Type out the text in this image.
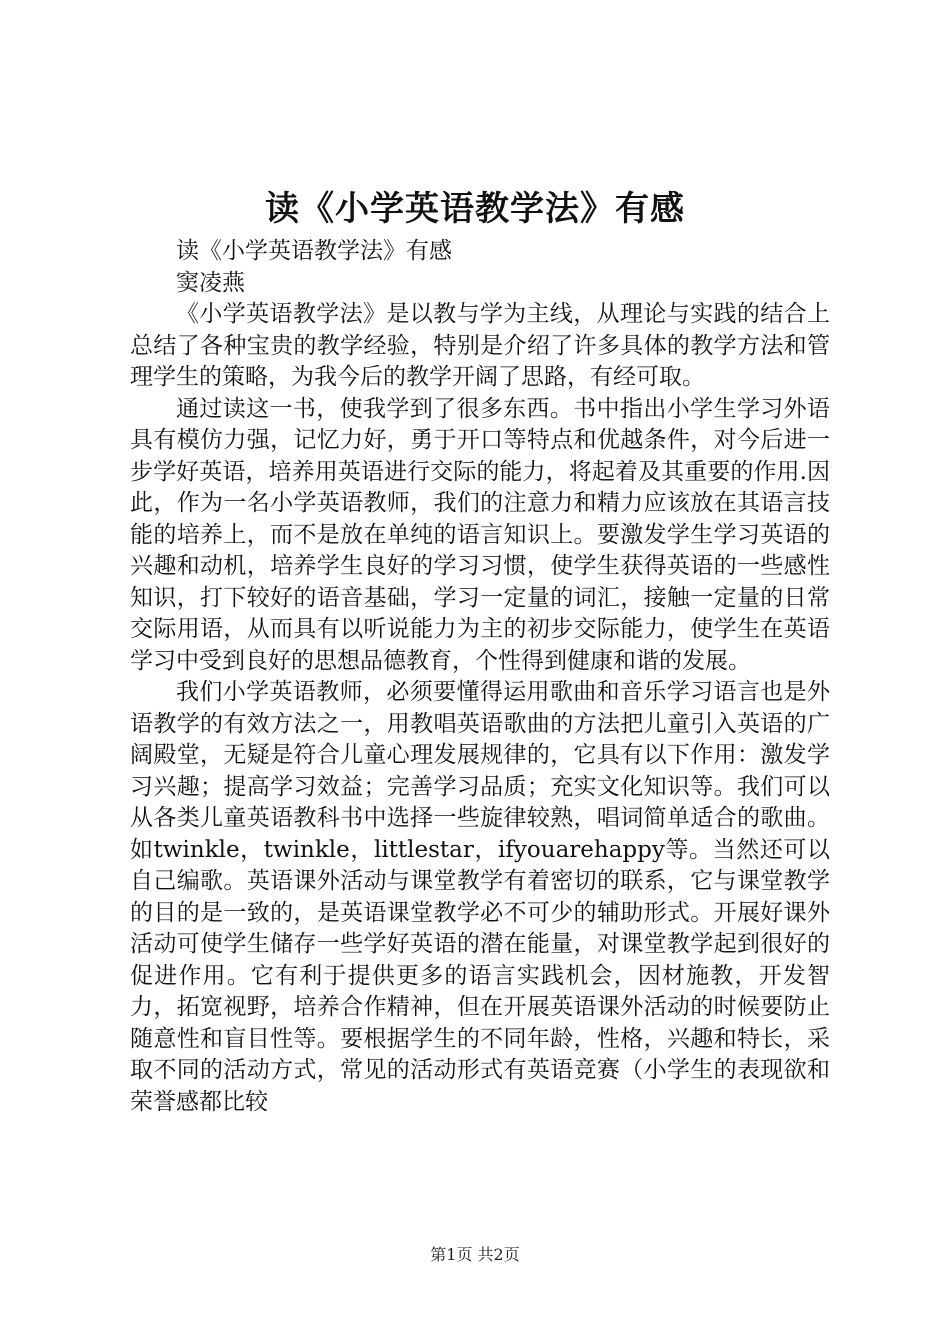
读《小学英语教学法》有感

读《小学英语教学法》有感

窦凌燕

《小学英语教学法》是以教与学为主线，从理论与实践的结合上总结了各种宝贵的教学经验，特别是介绍了许多具体的教学方法和管理学生的策略，为我今后的教学开阔了思路，有经可取。

通过读这一书，使我学到了很多东西。书中指出小学生学习外语具有模仿力强，记忆力好，勇于开口等特点和优越条件，对今后进一步学好英语，培养用英语进行交际的能力，将起着及其重要的作用.因此，作为一名小学英语教师，我们的注意力和精力应该放在其语言技能的培养上，而不是放在单纯的语言知识上。要激发学生学习英语的兴趣和动机，培养学生良好的学习习惯，使学生获得英语的一些感性知识，打下较好的语音基础，学习一定量的词汇，接触一定量的日常交际用语，从而具有以听说能力为主的初步交际能力，使学生在英语学习中受到良好的思想品德教育，个性得到健康和谐的发展。

我们小学英语教师，必须要懂得运用歌曲和音乐学习语言也是外语教学的有效方法之一，用教唱英语歌曲的方法把儿童引入英语的广阔殿堂，无疑是符合儿童心理发展规律的，它具有以下作用：激发学习兴趣；提高学习效益；完善学习品质；充实文化知识等。我们可以从各类儿童英语教科书中选择一些旋律较熟，唱词简单适合的歌曲。如twinkle，twinkle，littlestar，ifyouarehappy等。当然还可以自己编歌。英语课外活动与课堂教学有着密切的联系，它与课堂教学的目的是一致的，是英语课堂教学必不可少的辅助形式。开展好课外活动可使学生储存一些学好英语的潜在能量，对课堂教学起到很好的促进作用。它有利于提供更多的语言实践机会，因材施教，开发智力，拓宽视野，培养合作精神，但在开展英语课外活动的时候要防止随意性和盲目性等。要根据学生的不同年龄，性格，兴趣和特长，采取不同的活动方式，常见的活动形式有英语竞赛（小学生的表现欲和荣誉感都比较

第1页 共2页
